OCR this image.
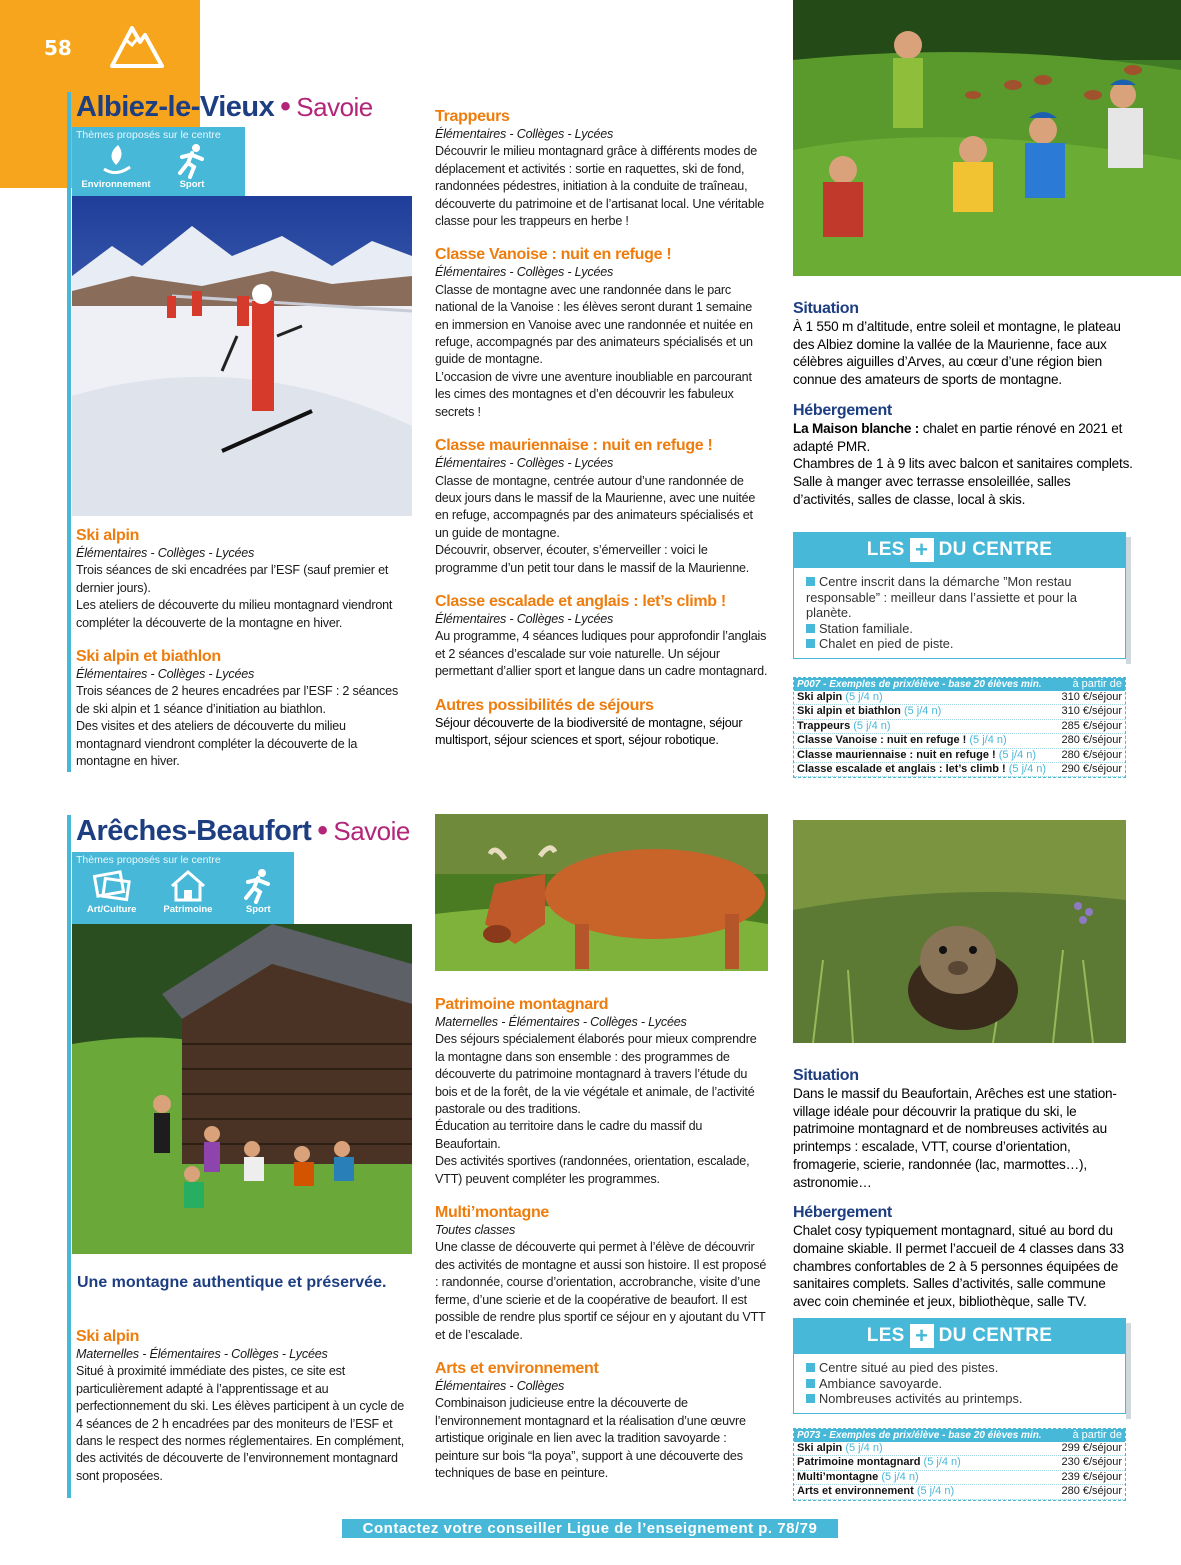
58
Albiez-le-Vieux • Savoie
Thèmes proposés sur le centre
Environnement	Sport
Ski alpin
Élémentaires - Collèges - Lycées
Trois séances de ski encadrées par l’ESF (sauf premier et dernier jours).
Les ateliers de découverte du milieu montagnard viendront compléter la découverte de la montagne en hiver.
Ski alpin et biathlon
Élémentaires - Collèges - Lycées
Trois séances de 2 heures encadrées par l’ESF : 2 séances de ski alpin et 1 séance d’initiation au biathlon.
Des visites et des ateliers de découverte du milieu montagnard viendront compléter la découverte de la montagne en hiver.
Trappeurs
Élémentaires - Collèges - Lycées
Découvrir le milieu montagnard grâce à différents modes de déplacement et activités : sortie en raquettes, ski de fond, randonnées pédestres, initiation à la conduite de traîneau, découverte du patrimoine et de l’artisanat local. Une véritable classe pour les trappeurs en herbe !
Classe Vanoise : nuit en refuge !
Élémentaires - Collèges - Lycées
Classe de montagne avec une randonnée dans le parc national de la Vanoise : les élèves seront durant 1 semaine en immersion en Vanoise avec une randonnée et nuitée en refuge, accompagnés par des animateurs spécialisés et un guide de montagne.
L’occasion de vivre une aventure inoubliable en parcourant les cimes des montagnes et d’en découvrir les fabuleux secrets !
Classe mauriennaise : nuit en refuge !
Élémentaires - Collèges - Lycées
Classe de montagne, centrée autour d’une randonnée de deux jours dans le massif de la Maurienne, avec une nuitée en refuge, accompagnés par des animateurs spécialisés et un guide de montagne.
Découvrir, observer, écouter, s’émerveiller : voici le programme d’un petit tour dans le massif de la Maurienne.
Classe escalade et anglais : let’s climb !
Élémentaires - Collèges - Lycées
Au programme, 4 séances ludiques pour approfondir l’anglais et 2 séances d’escalade sur voie naturelle. Un séjour permettant d’allier sport et langue dans un cadre montagnard.
Autres possibilités de séjours
Séjour découverte de la biodiversité de montagne, séjour multisport, séjour sciences et sport, séjour robotique.
Situation
À 1 550 m d’altitude, entre soleil et montagne, le plateau des Albiez domine la vallée de la Maurienne, face aux célèbres aiguilles d’Arves, au cœur d’une région bien connue des amateurs de sports de montagne.
Hébergement
La Maison blanche : chalet en partie rénové en 2021 et adapté PMR.
Chambres de 1 à 9 lits avec balcon et sanitaires complets. Salle à manger avec terrasse ensoleillée, salles d’activités, salles de classe, local à skis.
LES + DU CENTRE
Centre inscrit dans la démarche ”Mon restau responsable” : meilleur dans l’assiette et pour la planète.
Station familiale.
Chalet en pied de piste.
P007 - Exemples de prix/élève - base 20 élèves min.	à partir de
Ski alpin (5 j/4 n)	310 €/séjour
Ski alpin et biathlon (5 j/4 n)	310 €/séjour
Trappeurs (5 j/4 n)	285 €/séjour
Classe Vanoise : nuit en refuge ! (5 j/4 n)	280 €/séjour
Classe mauriennaise : nuit en refuge ! (5 j/4 n) 280 €/séjour
Classe escalade et anglais : let’s climb ! (5 j/4 n) 290 €/séjour
Arêches-Beaufort • Savoie
Thèmes proposés sur le centre
Art/Culture	Patrimoine	Sport
Une montagne authentique et préservée.
Ski alpin
Maternelles - Élémentaires - Collèges - Lycées
Situé à proximité immédiate des pistes, ce site est particulièrement adapté à l’apprentissage et au perfectionnement du ski. Les élèves participent à un cycle de 4 séances de 2 h encadrées par des moniteurs de l’ESF et dans le respect des normes réglementaires. En complément, des activités de découverte de l’environnement montagnard sont proposées.
Patrimoine montagnard
Maternelles - Élémentaires - Collèges - Lycées
Des séjours spécialement élaborés pour mieux comprendre la montagne dans son ensemble : des programmes de découverte du patrimoine montagnard à travers l’étude du bois et de la forêt, de la vie végétale et animale, de l’activité pastorale ou des traditions.
Éducation au territoire dans le cadre du massif du Beaufortain.
Des activités sportives (randonnées, orientation, escalade, VTT) peuvent compléter les programmes.
Multi’montagne
Toutes classes
Une classe de découverte qui permet à l’élève de découvrir des activités de montagne et aussi son histoire. Il est proposé : randonnée, course d’orientation, accrobranche, visite d’une ferme, d’une scierie et de la coopérative de beaufort. Il est possible de rendre plus sportif ce séjour en y ajoutant du VTT et de l’escalade.
Arts et environnement
Élémentaires - Collèges
Combinaison judicieuse entre la découverte de l’environnement montagnard et la réalisation d’une œuvre artistique originale en lien avec la tradition savoyarde : peinture sur bois “la poya”, support à une découverte des techniques de base en peinture.
Situation
Dans le massif du Beaufortain, Arêches est une station-village idéale pour découvrir la pratique du ski, le patrimoine montagnard et de nombreuses activités au printemps : escalade, VTT, course d’orientation, fromagerie, scierie, randonnée (lac, marmottes…), astronomie…
Hébergement
Chalet cosy typiquement montagnard, situé au bord du domaine skiable. Il permet l’accueil de 4 classes dans 33 chambres confortables de 2 à 5 personnes équipées de sanitaires complets. Salles d’activités, salle commune avec coin cheminée et jeux, bibliothèque, salle TV.
LES + DU CENTRE
Centre situé au pied des pistes.
Ambiance savoyarde.
Nombreuses activités au printemps.
P073 - Exemples de prix/élève - base 20 élèves min.	à partir de
Ski alpin (5 j/4 n)	299 €/séjour
Patrimoine montagnard (5 j/4 n)	230 €/séjour
Multi’montagne (5 j/4 n)	239 €/séjour
Arts et environnement (5 j/4 n)	280 €/séjour
Contactez votre conseiller Ligue de l’enseignement p. 78/79
